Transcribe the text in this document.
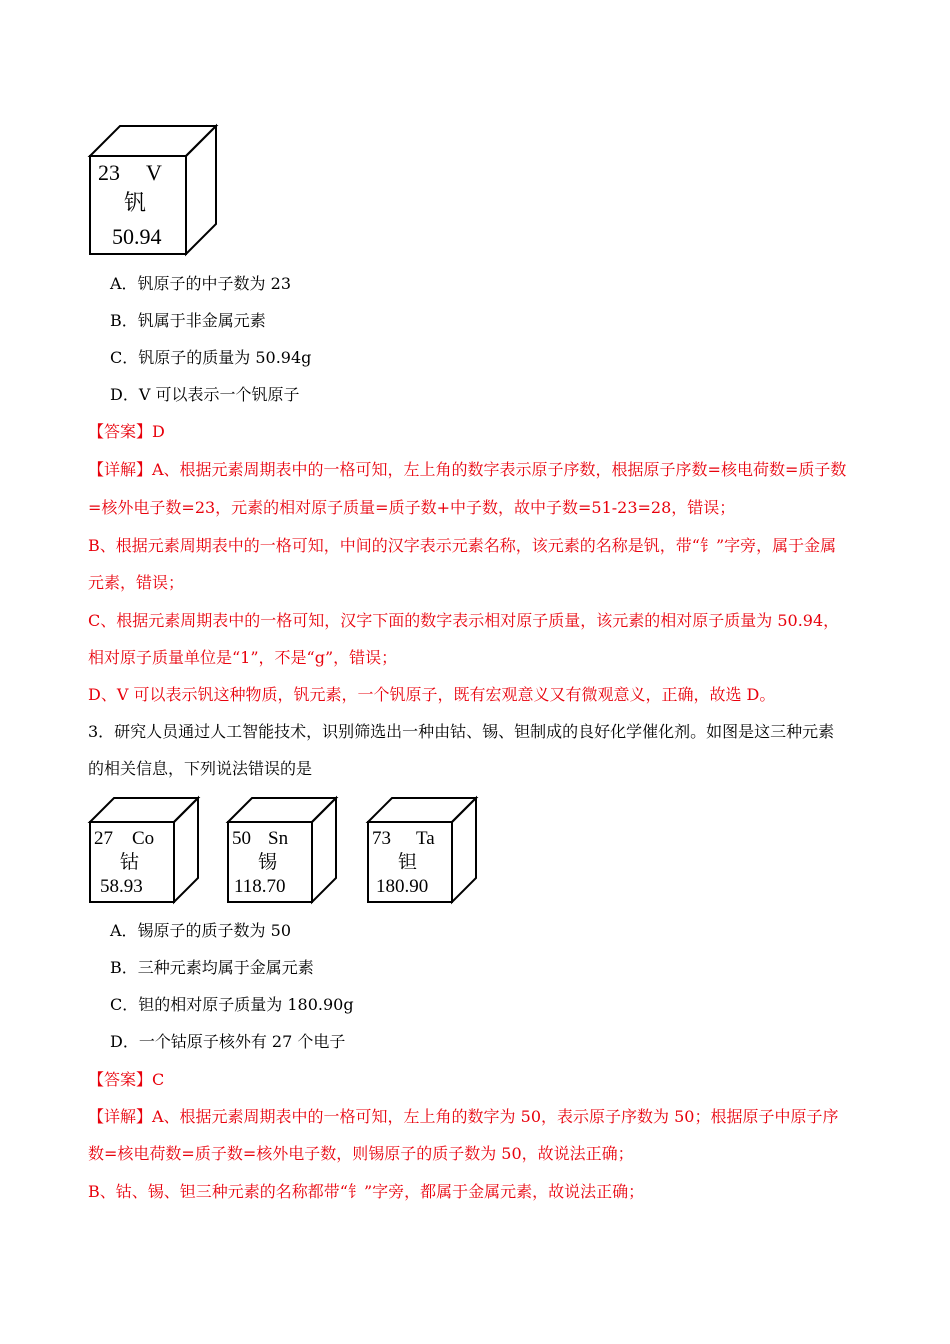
23 V
钒
50.94
A．钒原子的中子数为 23
B．钒属于非金属元素
C．钒原子的质量为 50.94g
D．V 可以表示一个钒原子
【答案】D
【详解】A、根据元素周期表中的一格可知，左上角的数字表示原子序数，根据原子序数=核电荷数=质子数
=核外电子数=23，元素的相对原子质量=质子数+中子数，故中子数=51-23=28，错误；
B、根据元素周期表中的一格可知，中间的汉字表示元素名称，该元素的名称是钒，带“钅”字旁，属于金属
元素，错误；
C、根据元素周期表中的一格可知，汉字下面的数字表示相对原子质量，该元素的相对原子质量为 50.94，
相对原子质量单位是“1”，不是“g”，错误；
D、V 可以表示钒这种物质，钒元素，一个钒原子，既有宏观意义又有微观意义，正确，故选 D。
3．研究人员通过人工智能技术，识别筛选出一种由钴、锡、钽制成的良好化学催化剂。如图是这三种元素
的相关信息，下列说法错误的是
27 Co
钴
58.93
50 Sn
锡
118.70
73 Ta
钽
180.90
A．锡原子的质子数为 50
B．三种元素均属于金属元素
C．钽的相对原子质量为 180.90g
D．一个钴原子核外有 27 个电子
【答案】C
【详解】A、根据元素周期表中的一格可知，左上角的数字为 50，表示原子序数为 50；根据原子中原子序
数=核电荷数=质子数=核外电子数，则锡原子的质子数为 50，故说法正确；
B、钴、锡、钽三种元素的名称都带“钅”字旁，都属于金属元素，故说法正确；
